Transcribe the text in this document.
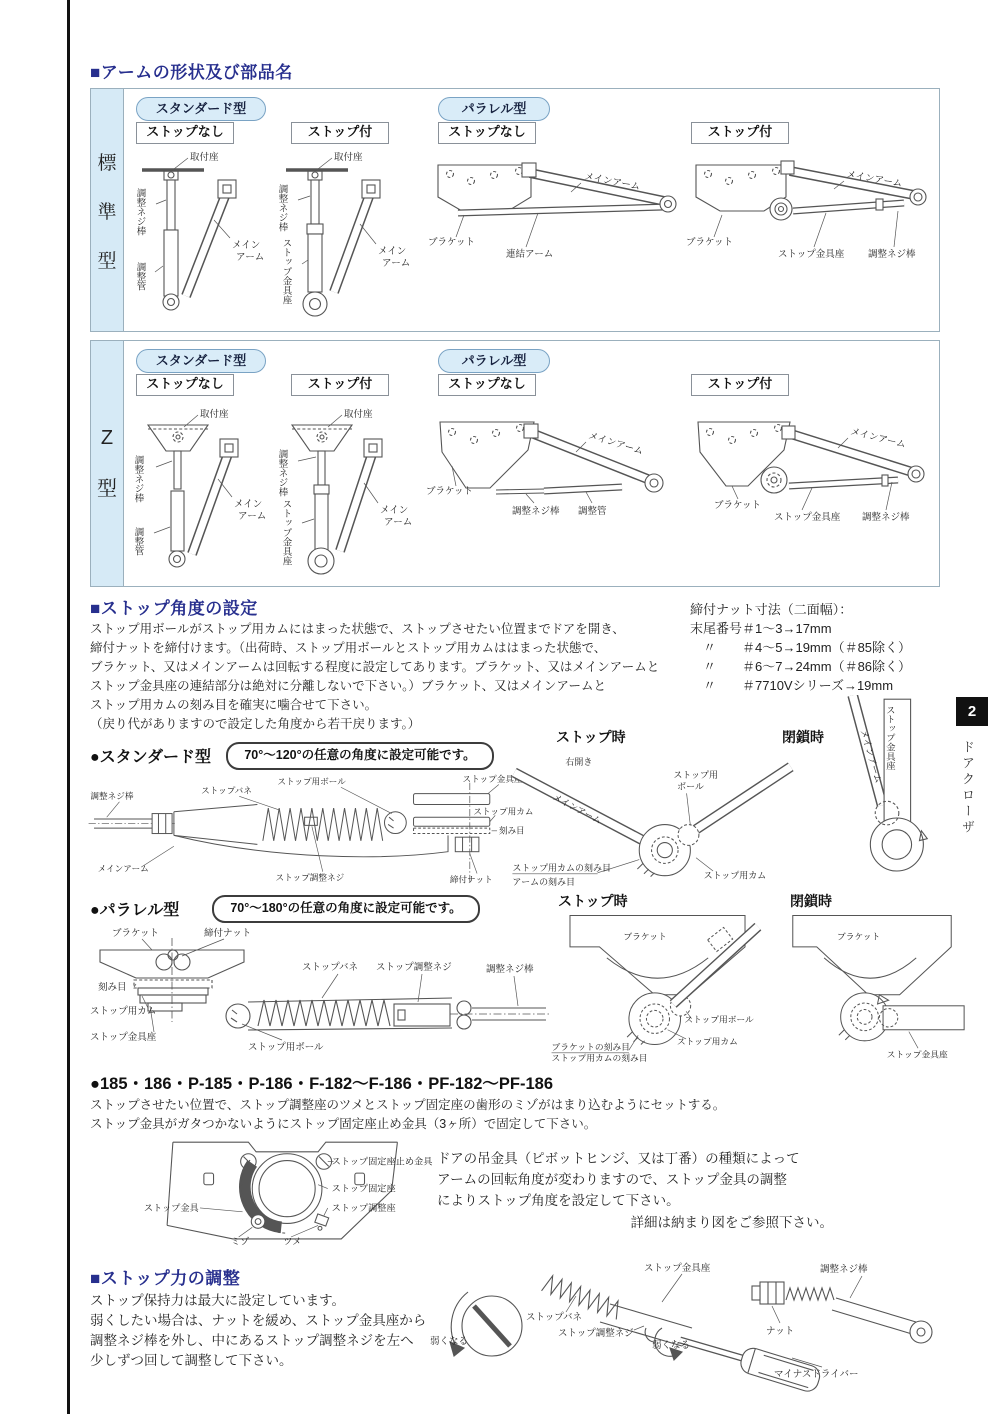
2
ドアクローザ
■アームの形状及び部品名
標
準
型
スタンダード型	パラレル型
ストップなし	ストップ付	ストップなし	ストップ付
取付座
調整ネジ棒
調整管
メイン
アーム
取付座
調整ネジ棒
ストップ金具座	メイン
アーム
メインアーム
ブラケット
連結アーム
メインアーム
ブラケット
ストップ金具座	調整ネジ棒
Z
型
スタンダード型	パラレル型
ストップなし	ストップ付	ストップなし	ストップ付
取付座
調整ネジ棒
調整管
メイン
アーム
取付座
調整ネジ棒
ストップ金具座	メイン
アーム
メインアーム
ブラケット
調整ネジ棒 調整管
メインアーム
ブラケット
ストップ金具座 調整ネジ棒
■ストップ角度の設定
ストップ用ボールがストップ用カムにはまった状態で、ストップさせたい位置までドアを開き、
締付ナットを締付けます。（出荷時、ストップ用ボールとストップ用カムははまった状態で、
ブラケット、又はメインアームは回転する程度に設定してあります。ブラケット、又はメインアームと
ストップ金具座の連結部分は絶対に分離しないで下さい。）ブラケット、又はメインアームと
ストップ用カムの刻み目を確実に噛合せて下さい。
（戻り代がありますので設定した角度から若干戻ります。）
締付ナット寸法（二面幅）：
末尾番号＃1～3→17mm
　〃　　＃4～5→19mm（＃85除く）
　〃　　＃6～7→24mm（＃86除く）
　〃　　＃7710Vシリーズ→19mm
●スタンダード型	70°～120°の任意の角度に設定可能です。
ストップ時	閉鎖時
調整ネジ棒
ストップバネ
ストップ用ボール	ストップ金具座
ストップ用カム
刻み目
締付ナット
メインアーム
ストップ調整ネジ
右開き
メインアーム
ストップ用
ボール
ストップ用カムの刻み目
アームの刻み目
ストップ用カム
メインアーム ストップ金具座
●パラレル型	70°～180°の任意の角度に設定可能です。	ストップ時	閉鎖時
ブラケット	締付ナット
刻み目
ストップ用カム
ストップ金具座
ストップ用ボール
ストップバネ ストップ調整ネジ	調整ネジ棒
ブラケット
ストップ用ボール
ストップ用カム
ブラケットの刻み目
ストップ用カムの刻み目
ブラケット
ストップ金具座
●185・186・P-185・P-186・F-182～F-186・PF-182～PF-186
ストップさせたい位置で、ストップ調整座のツメとストップ固定座の歯形のミゾがはまり込むようにセットする。
ストップ金具がガタつかないようにストップ固定座止め金具（3ヶ所）で固定して下さい。
ストップ固定座止め金具
ストップ固定座
ストップ調整座
ストップ金具
ミゾ	ツメ
ドアの吊金具（ピボットヒンジ、又は丁番）の種類によって
アームの回転角度が変わりますので、ストップ金具の調整
によりストップ角度を設定して下さい。
詳細は納まり図をご参照下さい。
■ストップ力の調整
ストップ保持力は最大に設定しています。
弱くしたい場合は、ナットを緩め、ストップ金具座から
調整ネジ棒を外し、中にあるストップ調整ネジを左へ
少しずつ回して調整して下さい。
弱くなる
ストップ金具座
ストップバネ
ストップ調整ネジ
弱くなる
マイナスドライバー
ナット
調整ネジ棒
